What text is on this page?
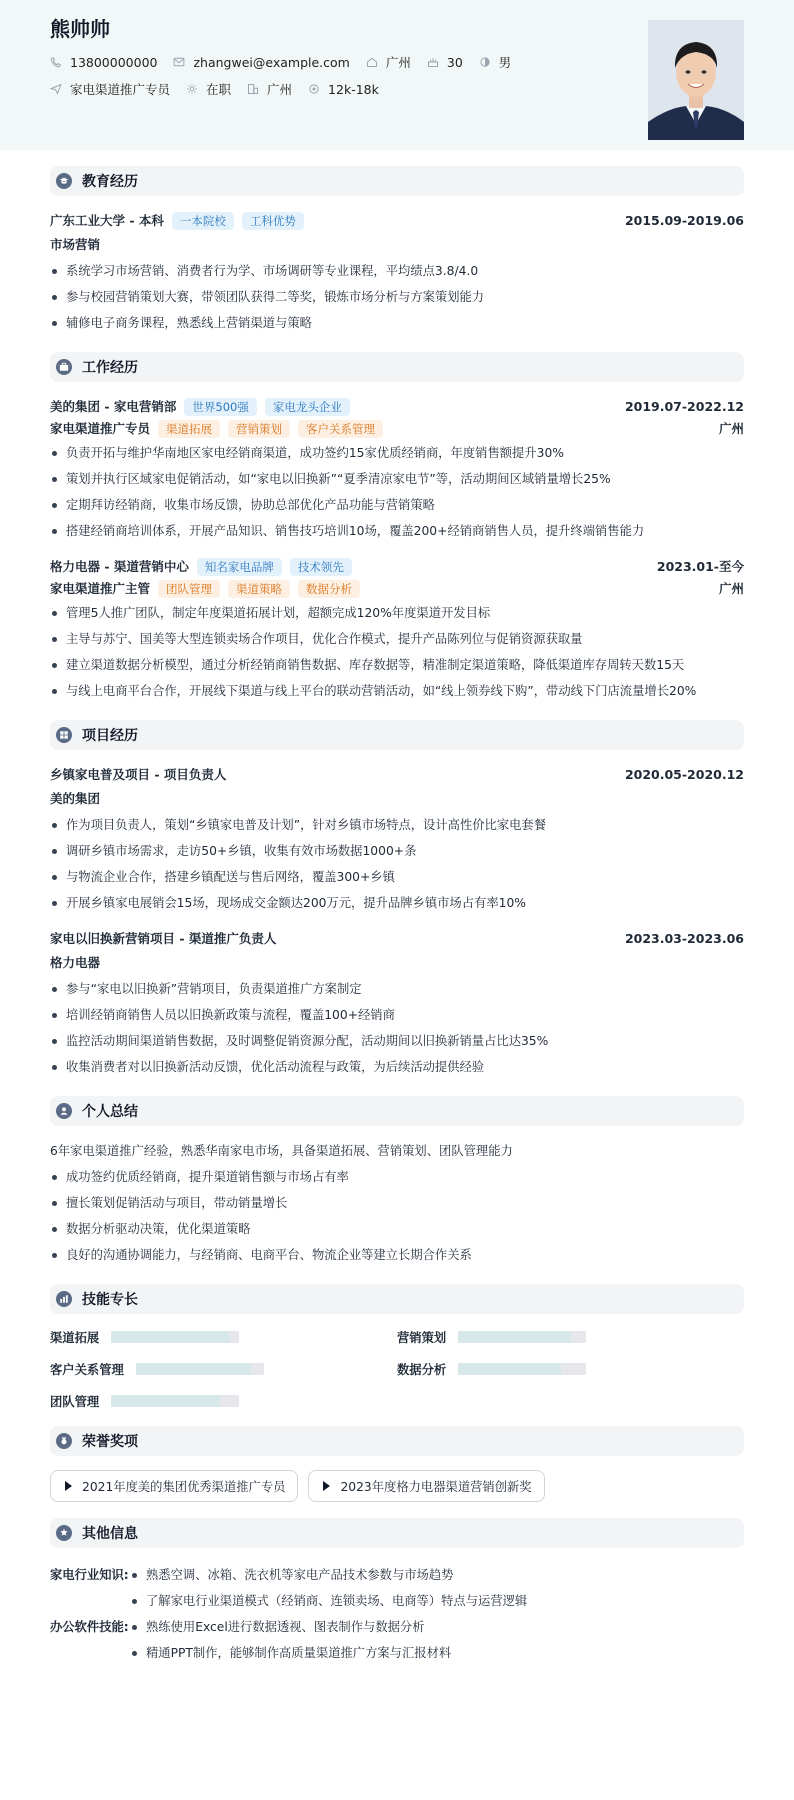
熊帅帅
13800000000	zhangwei@example.com	广州	30	男
家电渠道推广专员	在职	广州	12k-18k
教育经历
广东工业大学 - 本科	一本院校	工科优势	2015.09-2019.06
市场营销
系统学习市场营销、消费者行为学、市场调研等专业课程，平均绩点3.8/4.0
参与校园营销策划大赛，带领团队获得二等奖，锻炼市场分析与方案策划能力
辅修电子商务课程，熟悉线上营销渠道与策略
工作经历
美的集团 - 家电营销部	世界500强	家电龙头企业	2019.07-2022.12
家电渠道推广专员	渠道拓展	营销策划	客户关系管理	广州
负责开拓与维护华南地区家电经销商渠道，成功签约15家优质经销商，年度销售额提升30%
策划并执行区域家电促销活动，如“家电以旧换新”“夏季清凉家电节”等，活动期间区域销量增长25%
定期拜访经销商，收集市场反馈，协助总部优化产品功能与营销策略
搭建经销商培训体系，开展产品知识、销售技巧培训10场，覆盖200+经销商销售人员，提升终端销售能力
格力电器 - 渠道营销中心	知名家电品牌	技术领先	2023.01-至今
家电渠道推广主管	团队管理	渠道策略	数据分析	广州
管理5人推广团队，制定年度渠道拓展计划，超额完成120%年度渠道开发目标
主导与苏宁、国美等大型连锁卖场合作项目，优化合作模式，提升产品陈列位与促销资源获取量
建立渠道数据分析模型，通过分析经销商销售数据、库存数据等，精准制定渠道策略，降低渠道库存周转天数15天
与线上电商平台合作，开展线下渠道与线上平台的联动营销活动，如“线上领券线下购”，带动线下门店流量增长20%
项目经历
乡镇家电普及项目 - 项目负责人	2020.05-2020.12
美的集团
作为项目负责人，策划“乡镇家电普及计划”，针对乡镇市场特点，设计高性价比家电套餐
调研乡镇市场需求，走访50+乡镇，收集有效市场数据1000+条
与物流企业合作，搭建乡镇配送与售后网络，覆盖300+乡镇
开展乡镇家电展销会15场，现场成交金额达200万元，提升品牌乡镇市场占有率10%
家电以旧换新营销项目 - 渠道推广负责人	2023.03-2023.06
格力电器
参与“家电以旧换新”营销项目，负责渠道推广方案制定
培训经销商销售人员以旧换新政策与流程，覆盖100+经销商
监控活动期间渠道销售数据，及时调整促销资源分配，活动期间以旧换新销量占比达35%
收集消费者对以旧换新活动反馈，优化活动流程与政策，为后续活动提供经验
个人总结
6年家电渠道推广经验，熟悉华南家电市场，具备渠道拓展、营销策划、团队管理能力
成功签约优质经销商，提升渠道销售额与市场占有率
擅长策划促销活动与项目，带动销量增长
数据分析驱动决策，优化渠道策略
良好的沟通协调能力，与经销商、电商平台、物流企业等建立长期合作关系
技能专长
渠道拓展	营销策划
客户关系管理	数据分析
团队管理
荣誉奖项
2021年度美的集团优秀渠道推广专员	2023年度格力电器渠道营销创新奖
其他信息
家电行业知识:	熟悉空调、冰箱、洗衣机等家电产品技术参数与市场趋势
了解家电行业渠道模式（经销商、连锁卖场、电商等）特点与运营逻辑
办公软件技能:	熟练使用Excel进行数据透视、图表制作与数据分析
精通PPT制作，能够制作高质量渠道推广方案与汇报材料
